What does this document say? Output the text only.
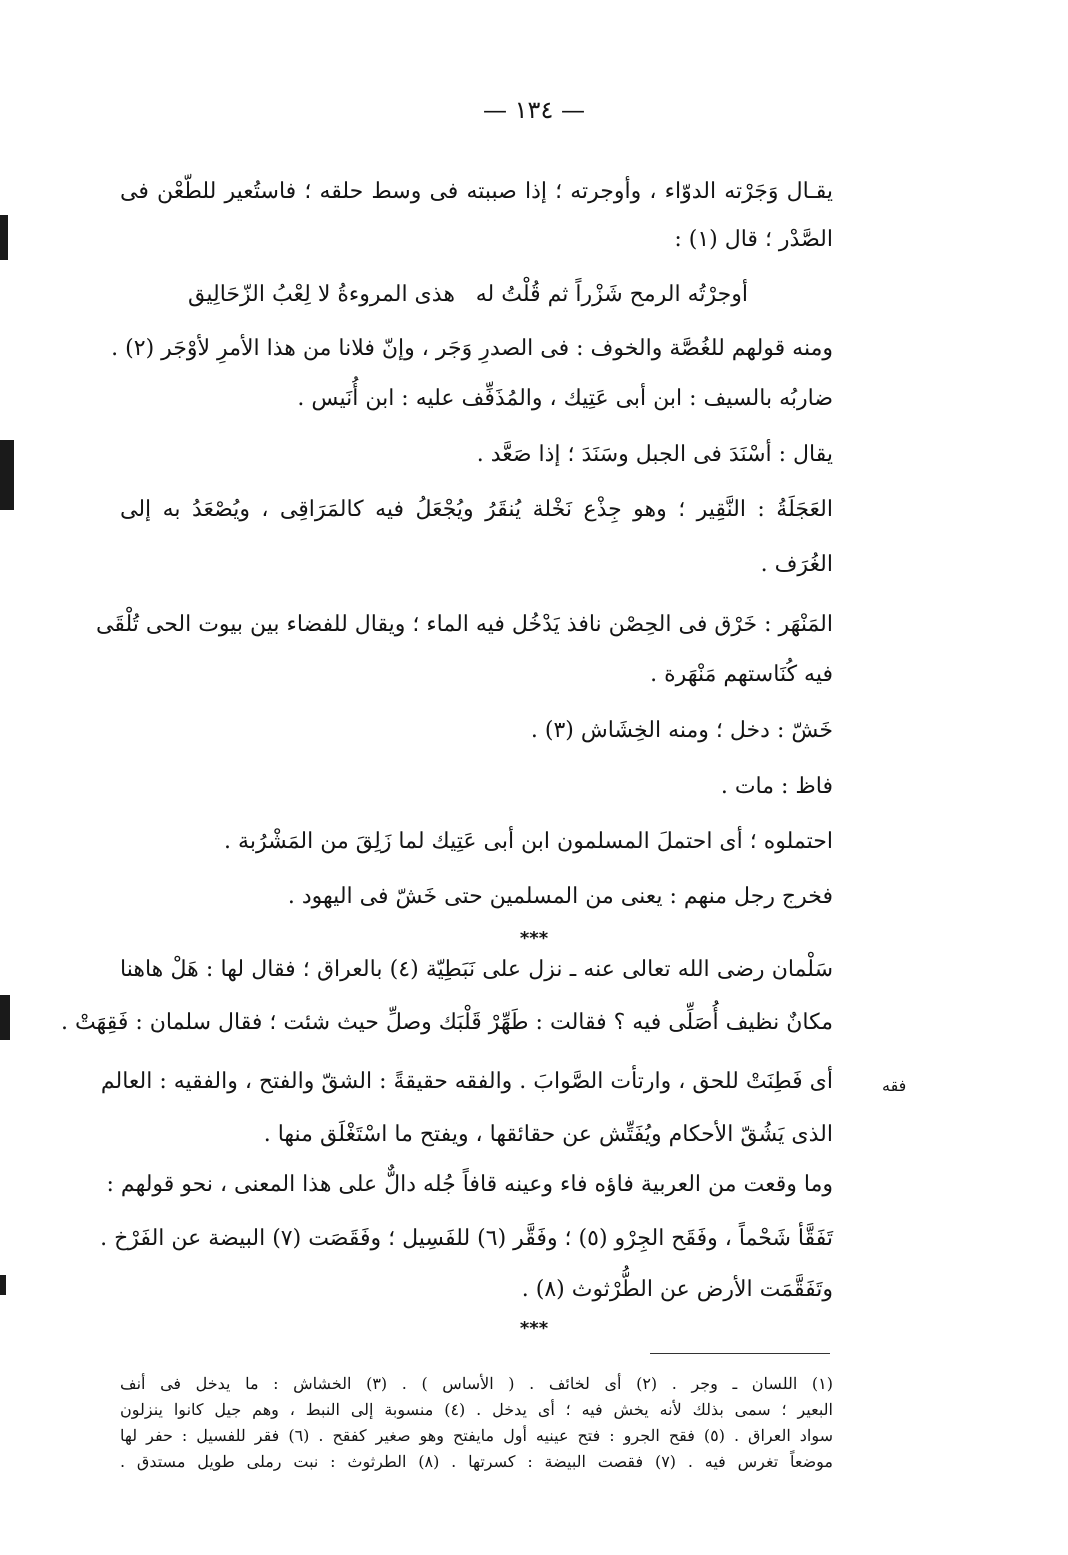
— ١٣٤ —
يقـال وَجَرْته الدوّاء ، وأوجرته ؛ إذا صببته فى وسط حلقه ؛ فاستُعير للطّعْن فى
الصَّدْر ؛ قال (١) :
أوجرْتُه الرمح شَزْراً ثم قُلْتُ له
هذى المروءةُ لا لِعْبُ الزّحَالِيق
ومنه قولهم للغُصَّة والخوف : فى الصدرِ وَجَر ، وإنّ فلانا من هذا الأمرِ لأوْجَر (٢) .
ضاربُه بالسيف : ابن أبى عَتِيك ، والمُذَفِّف عليه : ابن أُنَيس .
يقال : أسْنَدَ فى الجبل وسَنَدَ ؛ إذا صَعَّد .
العَجَلَةُ : النَّقِير ؛ وهو جِذْع نَخْلة يُنقَرُ ويُجْعَلُ فيه كالمَرَاقِى ، ويُصْعَدُ به إلى
الغُرَف .
المَنْهَر : خَرْق فى الحِصْن نافذ يَدْخُل فيه الماء ؛ ويقال للفضاء بين بيوت الحى تُلْقَى
فيه كُنَاستهم مَنْهَرة .
خَشّ : دخل ؛ ومنه الخِشَاش (٣) .
فاظ : مات .
احتملوه ؛ أى احتملَ المسلمون ابن أبى عَتِيك لما زَلِقَ من المَشْرُبة .
فخرج رجل منهم : يعنى من المسلمين حتى خَشّ فى اليهود .
***
سَلْمان رضى الله تعالى عنه ـ نزل على نَبَطِيّة (٤) بالعراق ؛ فقال لها : هَلْ هاهنا
مكانٌ نظيف أُصَلِّى فيه ؟ فقالت : طَهِّرْ قَلْبَك وصلِّ حيث شئت ؛ فقال سلمان : فَقِهَتْ .
أى فَطِنَتْ للحق ، وارتأت الصَّوابَ . والفقه حقيقةً : الشقّ والفتح ، والفقيه : العالم
الذى يَشُقّ الأحكام ويُفَتِّش عن حقائقها ، ويفتح ما اسْتَغْلَق منها .
وما وقعت من العربية فاؤه فاء وعينه قافاً جُله دالٌّ على هذا المعنى ، نحو قولهم :
تَفَقَّأ شَحْماً ، وفَقَح الجِرْو (٥) ؛ وفَقَّر (٦) للفَسِيل ؛ وفَقَصَت (٧) البيضة عن الفَرْخ .
وتَفَقَّمَت الأرض عن الطُّرْثوث (٨) .
فقه
***
(١) اللسان ـ وجر . (٢) أى لخائف . ( الأساس ) . (٣) الخشاش : ما يدخل فى أنف
البعير ؛ سمى بذلك لأنه يخش فيه ؛ أى يدخل . (٤) منسوبة إلى النبط ، وهم جيل كانوا ينزلون
سواد العراق . (٥) فقح الجرو : فتح عينيه أول مايفتح وهو صغير كفقح . (٦) فقر للفسيل : حفر لها
موضعاً تغرس فيه . (٧) فقصت البيضة : كسرتها . (٨) الطرثوث : نبت رملى طويل مستدق .
